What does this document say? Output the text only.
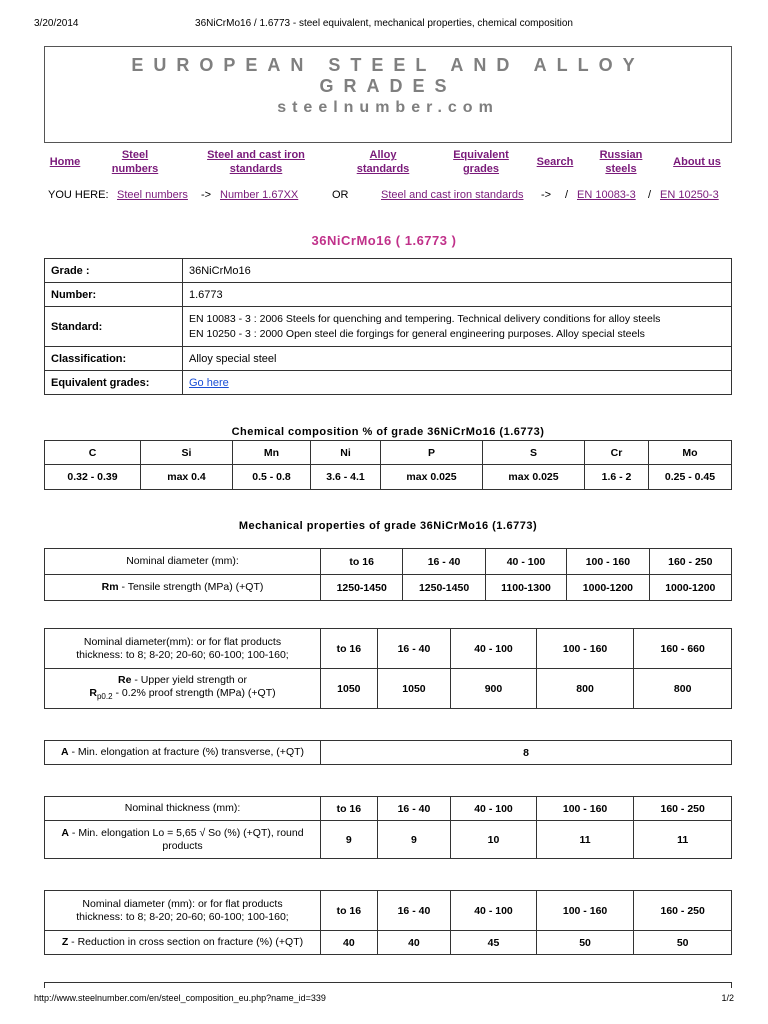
3/20/2014	36NiCrMo16 / 1.6773 - steel equivalent, mechanical properties, chemical composition
EUROPEAN STEEL AND ALLOY
GRADES
steelnumber.com
Home
Steel numbers
Steel and cast iron standards
Alloy standards
Equivalent grades
Search
Russian steels
About us
YOU HERE: Steel numbers -> Number 1.67XX	OR	Steel and cast iron standards -> / EN 10083-3 / EN 10250-3
36NiCrMo16 ( 1.6773 )
Grade :	36NiCrMo16
Number:	1.6773
Standard:	EN 10083 - 3 : 2006 Steels for quenching and tempering. Technical delivery conditions for alloy steels
EN 10250 - 3 : 2000 Open steel die forgings for general engineering purposes. Alloy special steels

Classification:	Alloy special steel
Equivalent grades:	Go here
Chemical composition % of grade 36NiCrMo16 (1.6773)
C	Si	Mn	Ni	P	S	Cr	Mo
0.32 - 0.39	max 0.4	0.5 - 0.8	3.6 - 4.1	max 0.025	max 0.025	1.6 - 2	0.25 - 0.45
Mechanical properties of grade 36NiCrMo16 (1.6773)
Nominal diameter (mm):	to 16	16 - 40	40 - 100	100 - 160	160 - 250
Rm - Tensile strength (MPa) (+QT)	1250-1450	1250-1450	1100-1300	1000-1200	1000-1200
Nominal diameter(mm): or for flat products thickness: to 8; 8-20; 20-60; 60-100; 100-160;	to 16	16 - 40	40 - 100	100 - 160	160 - 660

Re - Upper yield strength or
$R_{p0.2} - 0.2\%$ proof strength (MPa) (+QT)	1050	1050	900	800	800
A - Min. elongation at fracture (%) transverse, (+QT)	8
Nominal thickness (mm):	to 16	16 - 40	40 - 100	100 - 160	160 - 250
A - Min. elongation Lo = 5,65 √ So (%) (+QT), round products	9	9	10	11	11
Nominal diameter (mm): or for flat products thickness: to 8; 8-20; 20-60; 60-100; 100-160;	to 16	16 - 40	40 - 100	100 - 160	160 - 250
Z - Reduction in cross section on fracture (%) (+QT)	40	40	45	50	50
http://www.steelnumber.com/en/steel_composition_eu.php?name_id=339	1/2
